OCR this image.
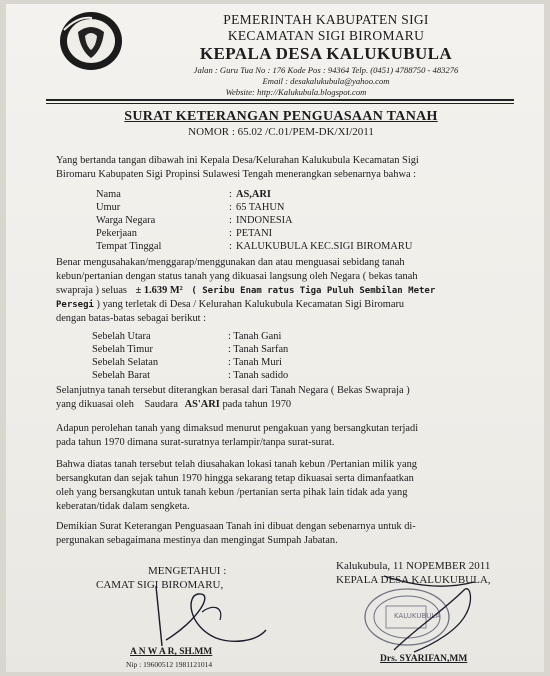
PEMERINTAH KABUPATEN SIGI
KECAMATAN SIGI BIROMARU
KEPALA DESA KALUKUBULA
Jalan : Guru Tua No : 176 Kode Pos : 94364 Telp. (0451) 4788750 - 483276
Email : desakalukubula@yahoo.com
Website: http://Kalukubula.blogspot.com
SURAT KETERANGAN PENGUASAAN TANAH
NOMOR : 65.02 /C.01/PEM-DK/XI/2011
Yang bertanda tangan dibawah ini Kepala Desa/Kelurahan Kalukubula Kecamatan Sigi
Biromaru Kabupaten Sigi Propinsi Sulawesi Tengah menerangkan sebenarnya bahwa :
Nama
Umur
Warga Negara
Pekerjaan
Tempat Tinggal
:
:
:
:
:
AS,ARI
65 TAHUN
INDONESIA
PETANI
KALUKUBULA KEC.SIGI BIROMARU
Benar mengusahakan/menggarap/menggunakan dan atau menguasai sebidang tanah
kebun/pertanian dengan status tanah yang dikuasai langsung oleh Negara ( bekas tanah
swapraja ) seluas ± 1.639 M² ( Seribu Enam ratus Tiga Puluh Sembilan Meter
Persegi ) yang terletak di Desa / Kelurahan Kalukubula Kecamatan Sigi Biromaru
dengan batas-batas sebagai berikut :
Sebelah Utara
Sebelah Timur
Sebelah Selatan
Sebelah Barat
: Tanah Gani
: Tanah Sarfan
: Tanah Muri
: Tanah sadido
Selanjutnya tanah tersebut diterangkan berasal dari Tanah Negara ( Bekas Swapraja )
yang dikuasai oleh Saudara AS'ARI pada tahun 1970
Adapun perolehan tanah yang dimaksud menurut pengakuan yang bersangkutan terjadi
pada tahun 1970 dimana surat-suratnya terlampir/tanpa surat-surat.
Bahwa diatas tanah tersebut telah diusahakan lokasi tanah kebun /Pertanian milik yang
bersangkutan dan sejak tahun 1970 hingga sekarang tetap dikuasai serta dimanfaatkan
oleh yang bersangkutan untuk tanah kebun /pertanian serta pihak lain tidak ada yang
keberatan/tidak dalam sengketa.
Demikian Surat Keterangan Penguasaan Tanah ini dibuat dengan sebenarnya untuk di-
pergunakan sebagaimana mestinya dan mengingat Sumpah Jabatan.
MENGETAHUI :
CAMAT SIGI BIROMARU,
A N W A R, SH.MM
Nip : 19600512 1981121014
Kalukubula, 11 NOPEMBER 2011
KEPALA DESA KALUKUBULA,
KALUKUBULA
Drs. SYARIFAN,MM
